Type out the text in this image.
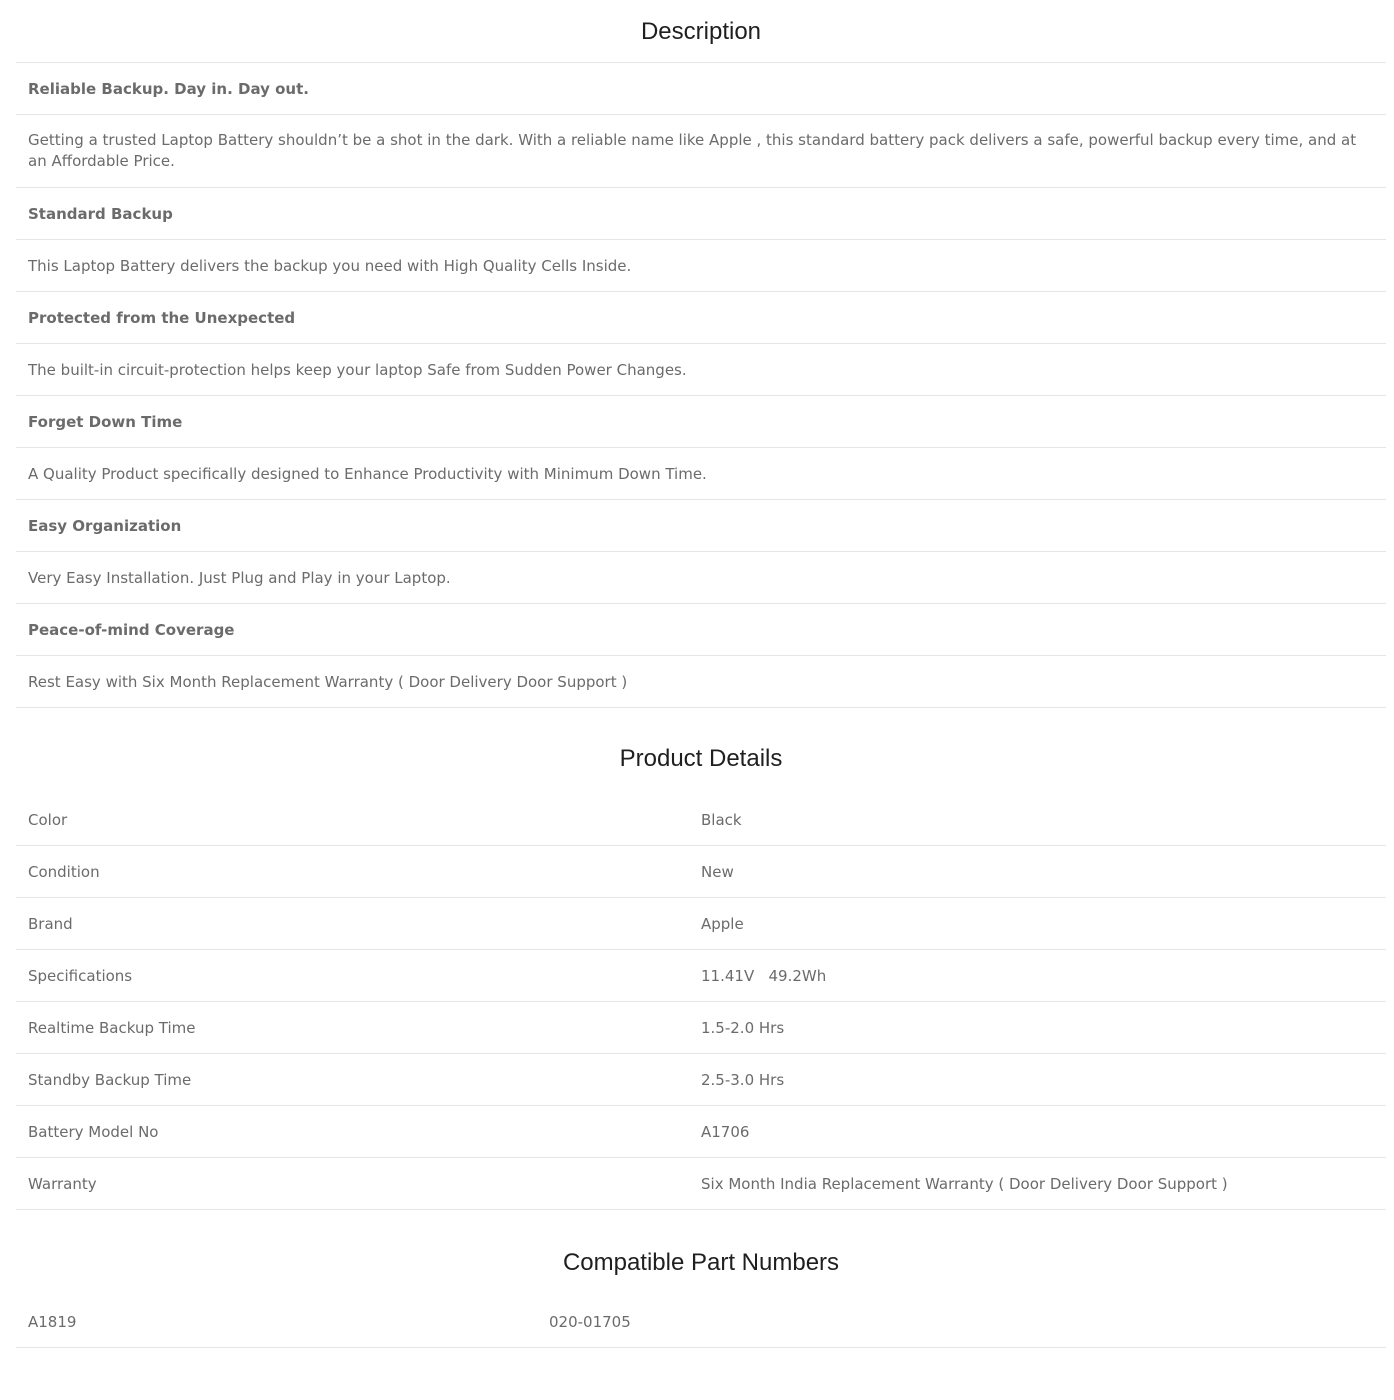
Description
Reliable Backup. Day in. Day out.
Getting a trusted Laptop Battery shouldn’t be a shot in the dark. With a reliable name like Apple , this standard battery pack delivers a safe, powerful backup every time, and at an Affordable Price.
Standard Backup
This Laptop Battery delivers the backup you need with High Quality Cells Inside.
Protected from the Unexpected
The built-in circuit-protection helps keep your laptop Safe from Sudden Power Changes.
Forget Down Time
A Quality Product specifically designed to Enhance Productivity with Minimum Down Time.
Easy Organization
Very Easy Installation. Just Plug and Play in your Laptop.
Peace-of-mind Coverage
Rest Easy with Six Month Replacement Warranty ( Door Delivery Door Support )
Product Details
Color	Black
Condition	New
Brand	Apple
Specifications	11.41V   49.2Wh
Realtime Backup Time	1.5-2.0 Hrs
Standby Backup Time	2.5-3.0 Hrs
Battery Model No	A1706
Warranty	Six Month India Replacement Warranty ( Door Delivery Door Support )
Compatible Part Numbers
A1819	020-01705
